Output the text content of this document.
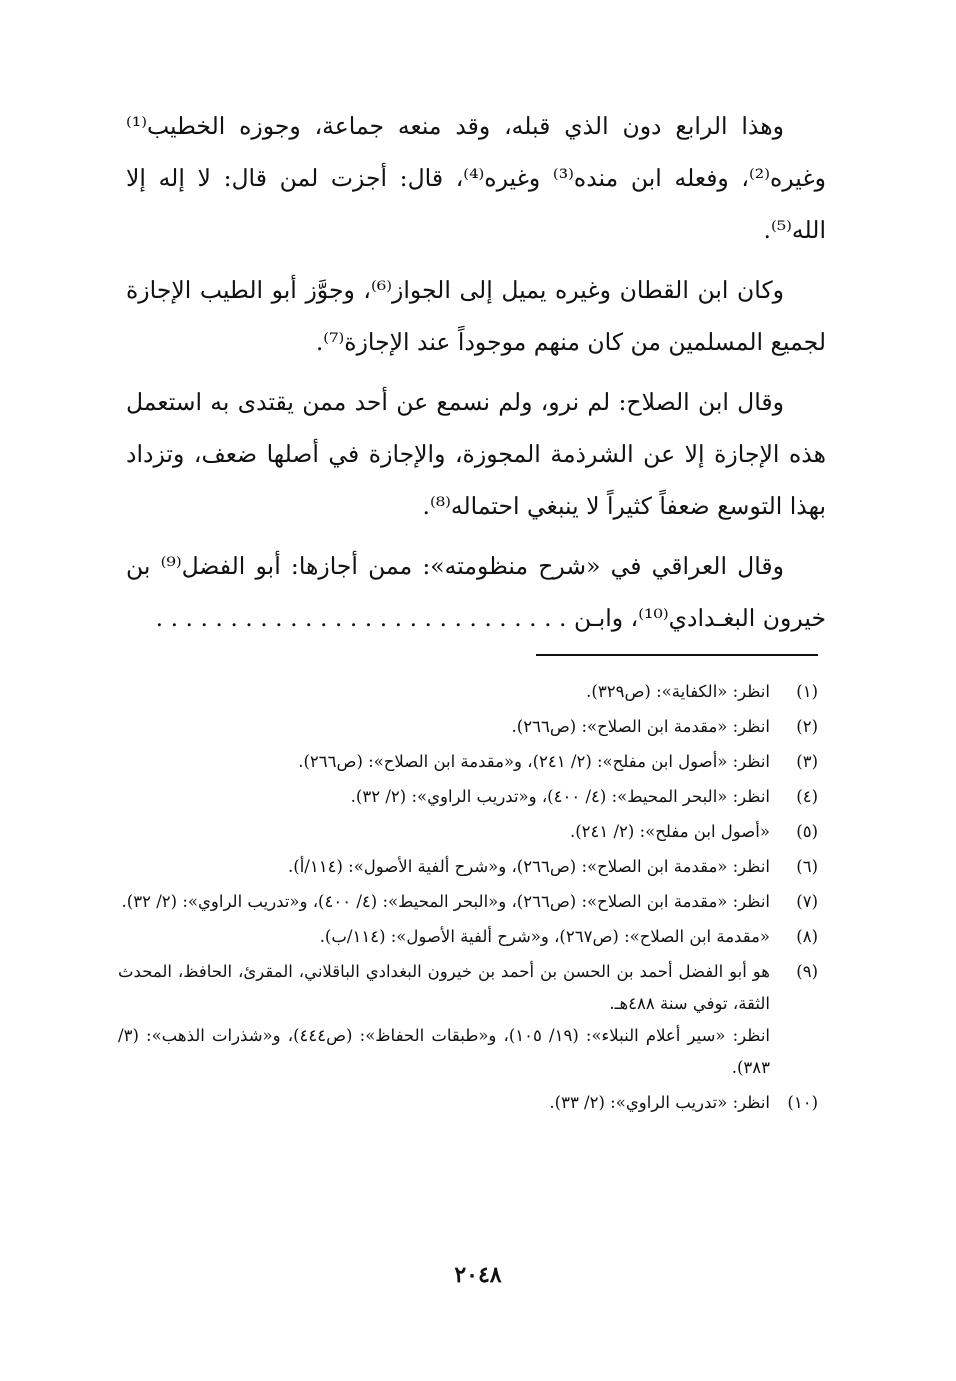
وهذا الرابع دون الذي قبله، وقد منعه جماعة، وجوزه الخطيب⁽¹⁾ وغيره⁽²⁾، وفعله ابن منده⁽³⁾ وغيره⁽⁴⁾، قال: أجزت لمن قال: لا إله إلا الله⁽⁵⁾.

وكان ابن القطان وغيره يميل إلى الجواز⁽⁶⁾، وجوَّز أبو الطيب الإجازة لجميع المسلمين من كان منهم موجوداً عند الإجازة⁽⁷⁾.

وقال ابن الصلاح: لم نرو، ولم نسمع عن أحد ممن يقتدى به استعمل هذه الإجازة إلا عن الشرذمة المجوزة، والإجازة في أصلها ضعف، وتزداد بهذا التوسع ضعفاً كثيراً لا ينبغي احتماله⁽⁸⁾.

وقال العراقي في «شرح منظومته»: ممن أجازها: أبو الفضل⁽⁹⁾ بن خيرون البغـدادي⁽¹⁰⁾، وابـن . . . . . . . . . . . . . . . . . . . . . . . . . . . .

(١)
انظر: «الكفاية»: (ص٣٢٩).
(٢)
انظر: «مقدمة ابن الصلاح»: (ص٢٦٦).
(٣)
انظر: «أصول ابن مفلح»: (٢/ ٢٤١)، و«مقدمة ابن الصلاح»: (ص٢٦٦).
(٤)
انظر: «البحر المحيط»: (٤/ ٤٠٠)، و«تدريب الراوي»: (٢/ ٣٢).
(٥)
«أصول ابن مفلح»: (٢/ ٢٤١).
(٦)
انظر: «مقدمة ابن الصلاح»: (ص٢٦٦)، و«شرح ألفية الأصول»: (١١٤/أ).
(٧)
انظر: «مقدمة ابن الصلاح»: (ص٢٦٦)، و«البحر المحيط»: (٤/ ٤٠٠)، و«تدريب الراوي»: (٢/ ٣٢).
(٨)
«مقدمة ابن الصلاح»: (ص٢٦٧)، و«شرح ألفية الأصول»: (١١٤/ب).
(٩)
هو أبو الفضل أحمد بن الحسن بن أحمد بن خيرون البغدادي الباقلاني، المقرئ، الحافظ، المحدث الثقة، توفي سنة ٤٨٨هـ.
انظر: «سير أعلام النبلاء»: (١٩/ ١٠٥)، و«طبقات الحفاظ»: (ص٤٤٤)، و«شذرات الذهب»: (٣/ ٣٨٣).
(١٠)
انظر: «تدريب الراوي»: (٢/ ٣٣).
٢٠٤٨
